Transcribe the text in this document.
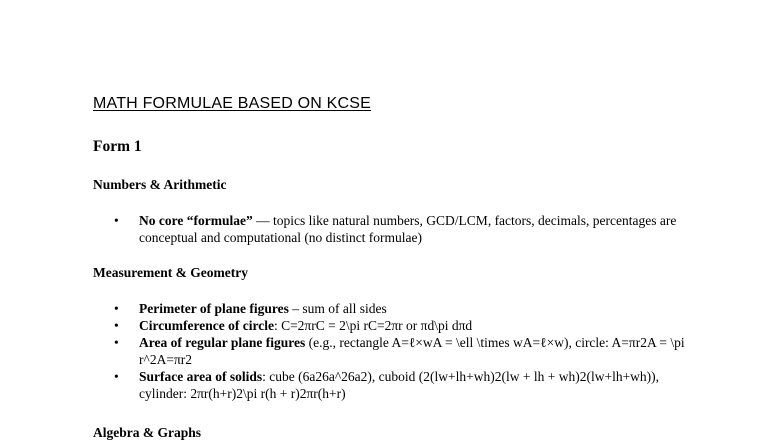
MATH FORMULAE BASED ON KCSE
Form 1
Numbers & Arithmetic
• No core “formulae” — topics like natural numbers, GCD/LCM, factors, decimals, percentages are conceptual and computational (no distinct formulae)
Measurement & Geometry
• Perimeter of plane figures – sum of all sides
• Circumference of circle: C=2πrC = 2\pi rC=2πr or πd\pi dπd
• Area of regular plane figures (e.g., rectangle A=ℓ×wA = \ell \times wA=ℓ×w), circle: A=πr2A = \pi r^2A=πr2
• Surface area of solids: cube (6a26a^26a2), cuboid (2(lw+lh+wh)2(lw + lh + wh)2(lw+lh+wh)), cylinder: 2πr(h+r)2\pi r(h + r)2πr(h+r)
Algebra & Graphs
